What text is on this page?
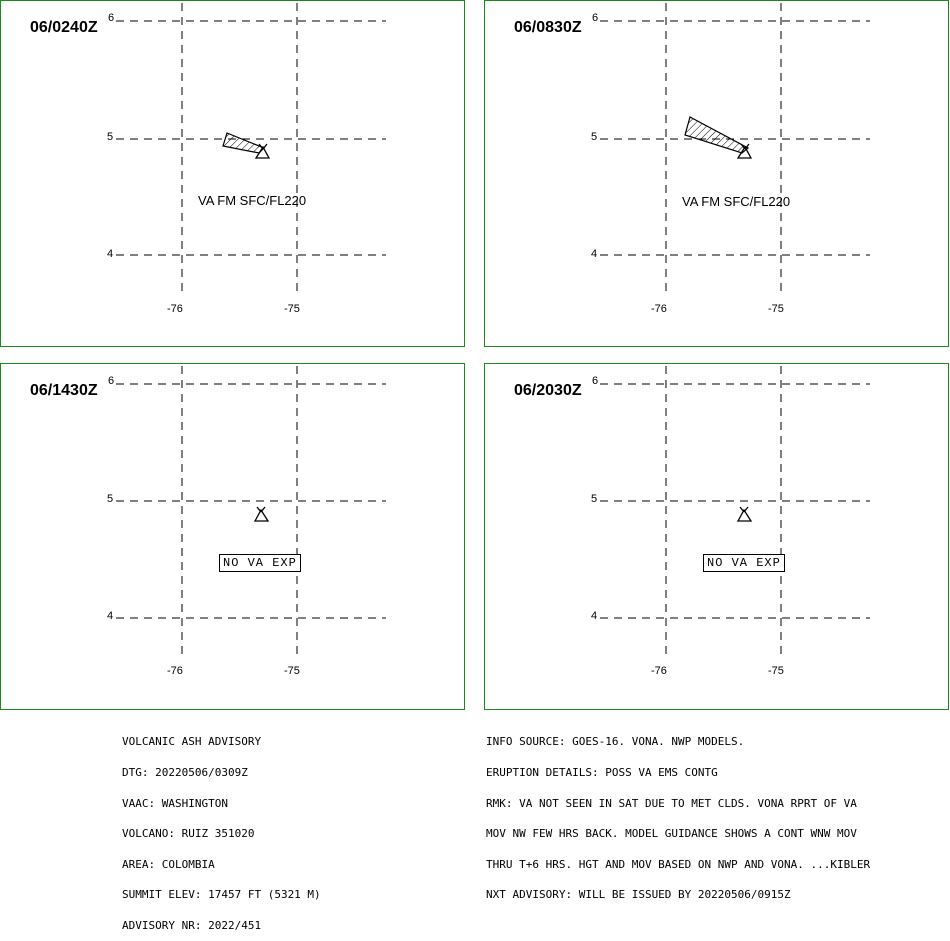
06/0240Z
6
5
4
-76	-75
VA FM SFC/FL220
06/0830Z
6
5
4
-76	-75
VA FM SFC/FL220
06/1430Z
6
5
4
-76	-75
NO VA EXP
06/2030Z
6
5
4
-76	-75
NO VA EXP

VOLCANIC ASH ADVISORY

DTG: 20220506/0309Z

VAAC: WASHINGTON

VOLCANO: RUIZ 351020

AREA: COLOMBIA

SUMMIT ELEV: 17457 FT (5321 M)

ADVISORY NR: 2022/451

INFO SOURCE: GOES-16. VONA. NWP MODELS.

ERUPTION DETAILS: POSS VA EMS CONTG

RMK: VA NOT SEEN IN SAT DUE TO MET CLDS. VONA RPRT OF VA

MOV NW FEW HRS BACK. MODEL GUIDANCE SHOWS A CONT WNW MOV

THRU T+6 HRS. HGT AND MOV BASED ON NWP AND VONA. ...KIBLER

NXT ADVISORY: WILL BE ISSUED BY 20220506/0915Z
